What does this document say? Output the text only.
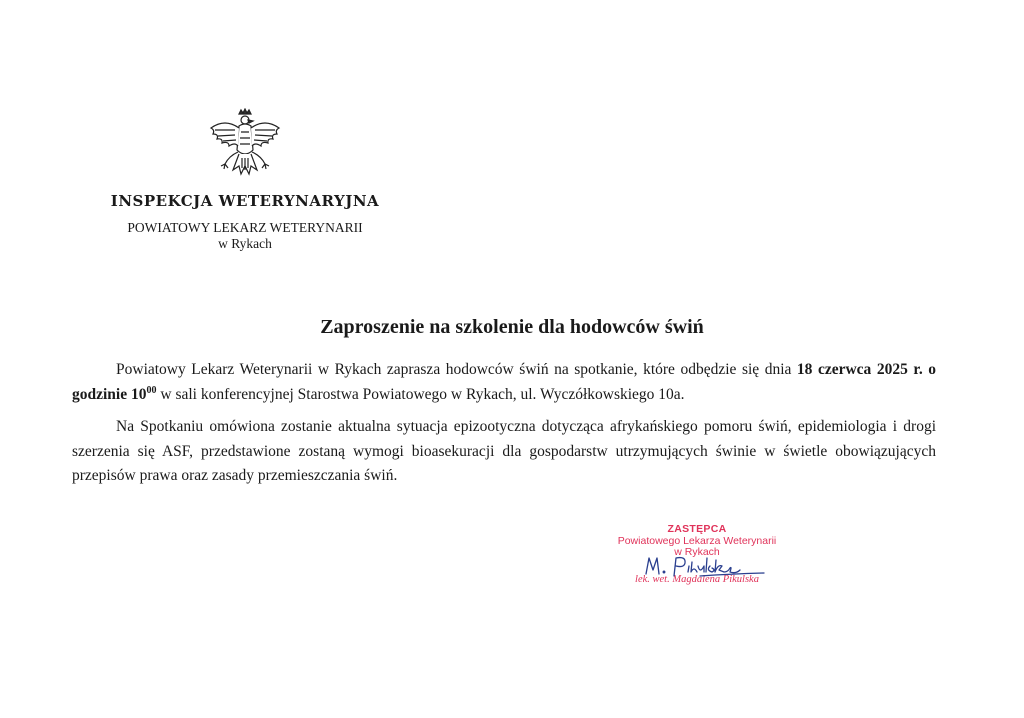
INSPEKCJA WETERYNARYJNA
POWIATOWY LEKARZ WETERYNARII
w Rykach
Zaproszenie na szkolenie dla hodowców świń

Powiatowy Lekarz Weterynarii w Rykach zaprasza hodowców świń na spotkanie, które odbędzie się dnia 18 czerwca 2025 r. o godzinie $10^{00}$ w sali konferencyjnej Starostwa Powiatowego w Rykach, ul. Wyczółkowskiego 10a.

Na Spotkaniu omówiona zostanie aktualna sytuacja epizootyczna dotycząca afrykańskiego pomoru świń, epidemiologia i drogi szerzenia się ASF, przedstawione zostaną wymogi bioasekuracji dla gospodarstw utrzymujących świnie w świetle obowiązujących przepisów prawa oraz zasady przemieszczania świń.

ZASTĘPCA
Powiatowego Lekarza Weterynarii
w Rykach
lek. wet. Magdalena Pikulska
